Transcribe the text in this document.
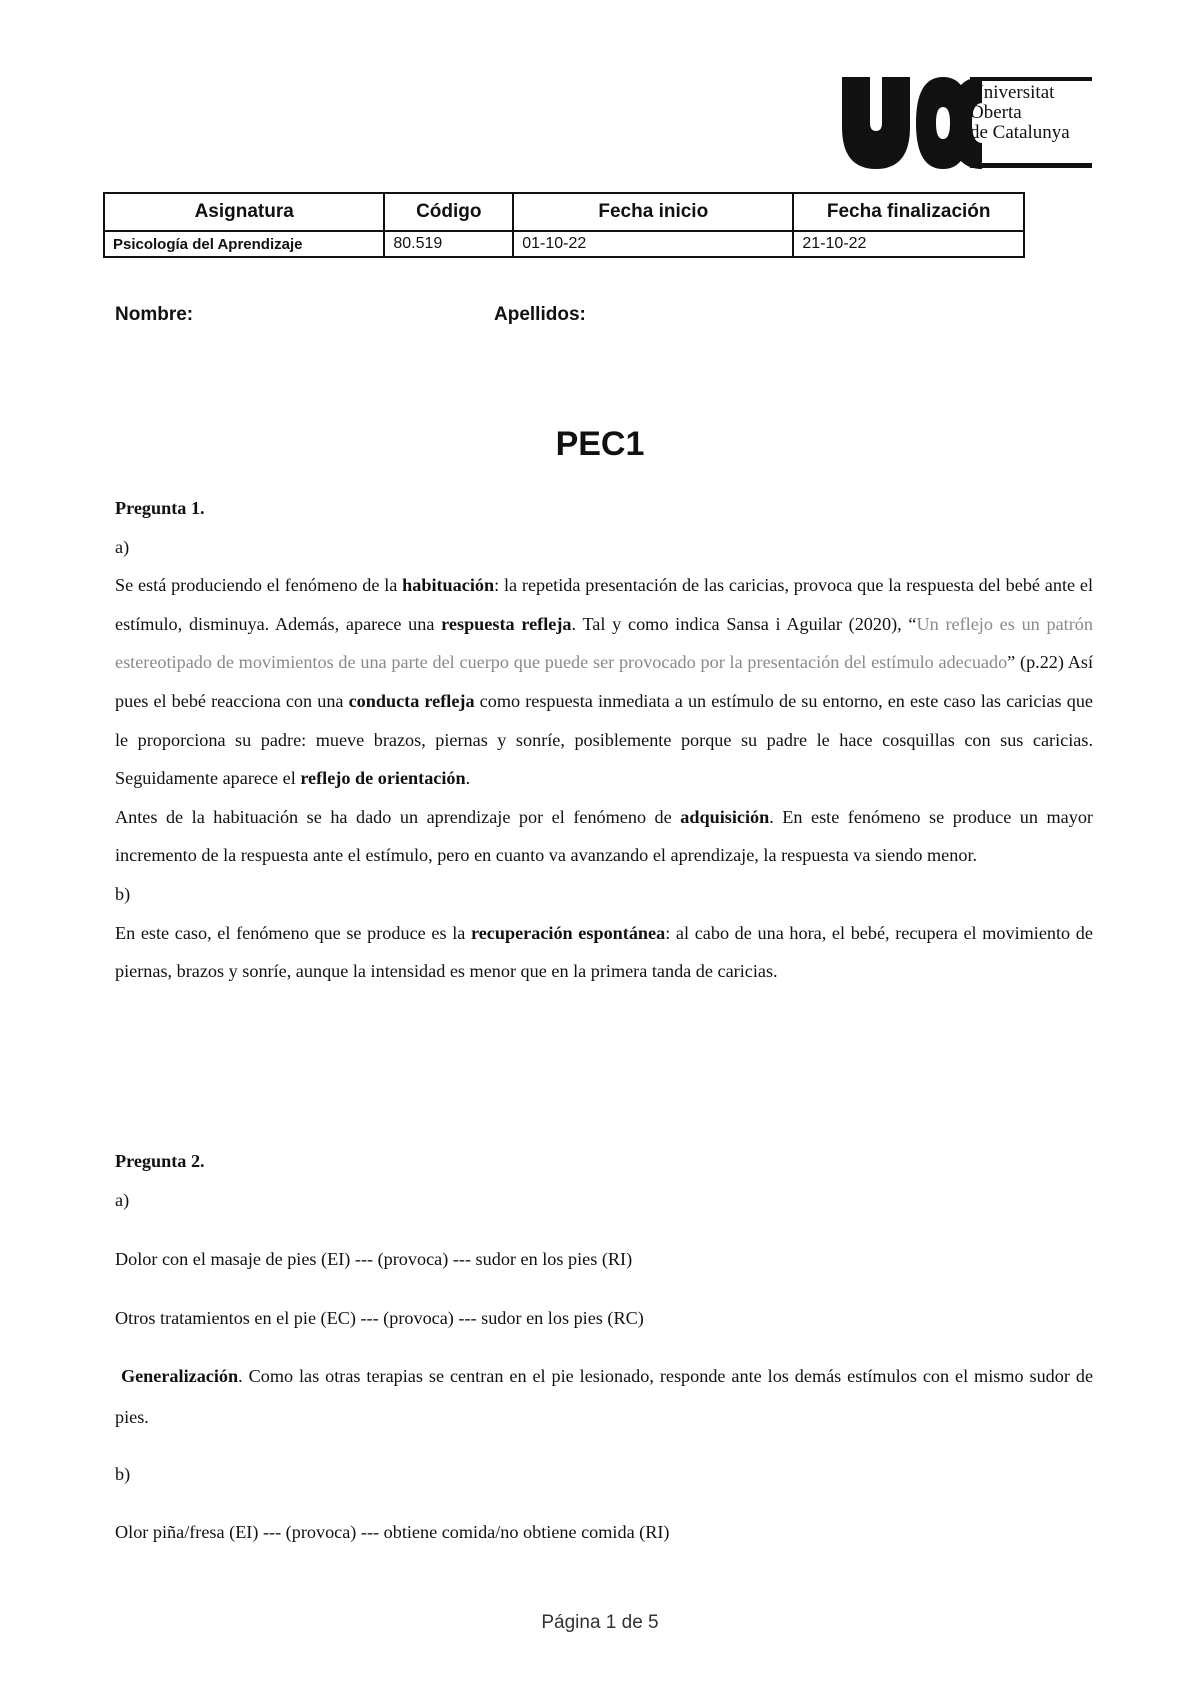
Universitat
Oberta
de Catalunya
Asignatura	Código	Fecha inicio	Fecha finalización
Psicología del Aprendizaje	80.519	01-10-22	21-10-22
Nombre:	Apellidos:
PEC1

Pregunta 1.

a)

Se está produciendo el fenómeno de la habituación: la repetida presentación de las caricias, provoca que la respuesta del bebé ante el estímulo, disminuya. Además, aparece una respuesta refleja. Tal y como indica Sansa i Aguilar (2020), “Un reflejo es un patrón estereotipado de movimientos de una parte del cuerpo que puede ser provocado por la presentación del estímulo adecuado” (p.22) Así pues el bebé reacciona con una conducta refleja como respuesta inmediata a un estímulo de su entorno, en este caso las caricias que le proporciona su padre: mueve brazos, piernas y sonríe, posiblemente porque su padre le hace cosquillas con sus caricias. Seguidamente aparece el reflejo de orientación.

Antes de la habituación se ha dado un aprendizaje por el fenómeno de adquisición. En este fenómeno se produce un mayor incremento de la respuesta ante el estímulo, pero en cuanto va avanzando el aprendizaje, la respuesta va siendo menor.

b)

En este caso, el fenómeno que se produce es la recuperación espontánea: al cabo de una hora, el bebé, recupera el movimiento de piernas, brazos y sonríe, aunque la intensidad es menor que en la primera tanda de caricias.

Pregunta 2.

a)

Dolor con el masaje de pies (EI) --- (provoca) --- sudor en los pies (RI)
Otros tratamientos en el pie (EC) --- (provoca) --- sudor en los pies (RC)

Generalización. Como las otras terapias se centran en el pie lesionado, responde ante los demás estímulos con el mismo sudor de pies.

b)
Olor piña/fresa (EI) --- (provoca) --- obtiene comida/no obtiene comida (RI)
Página 1 de 5
